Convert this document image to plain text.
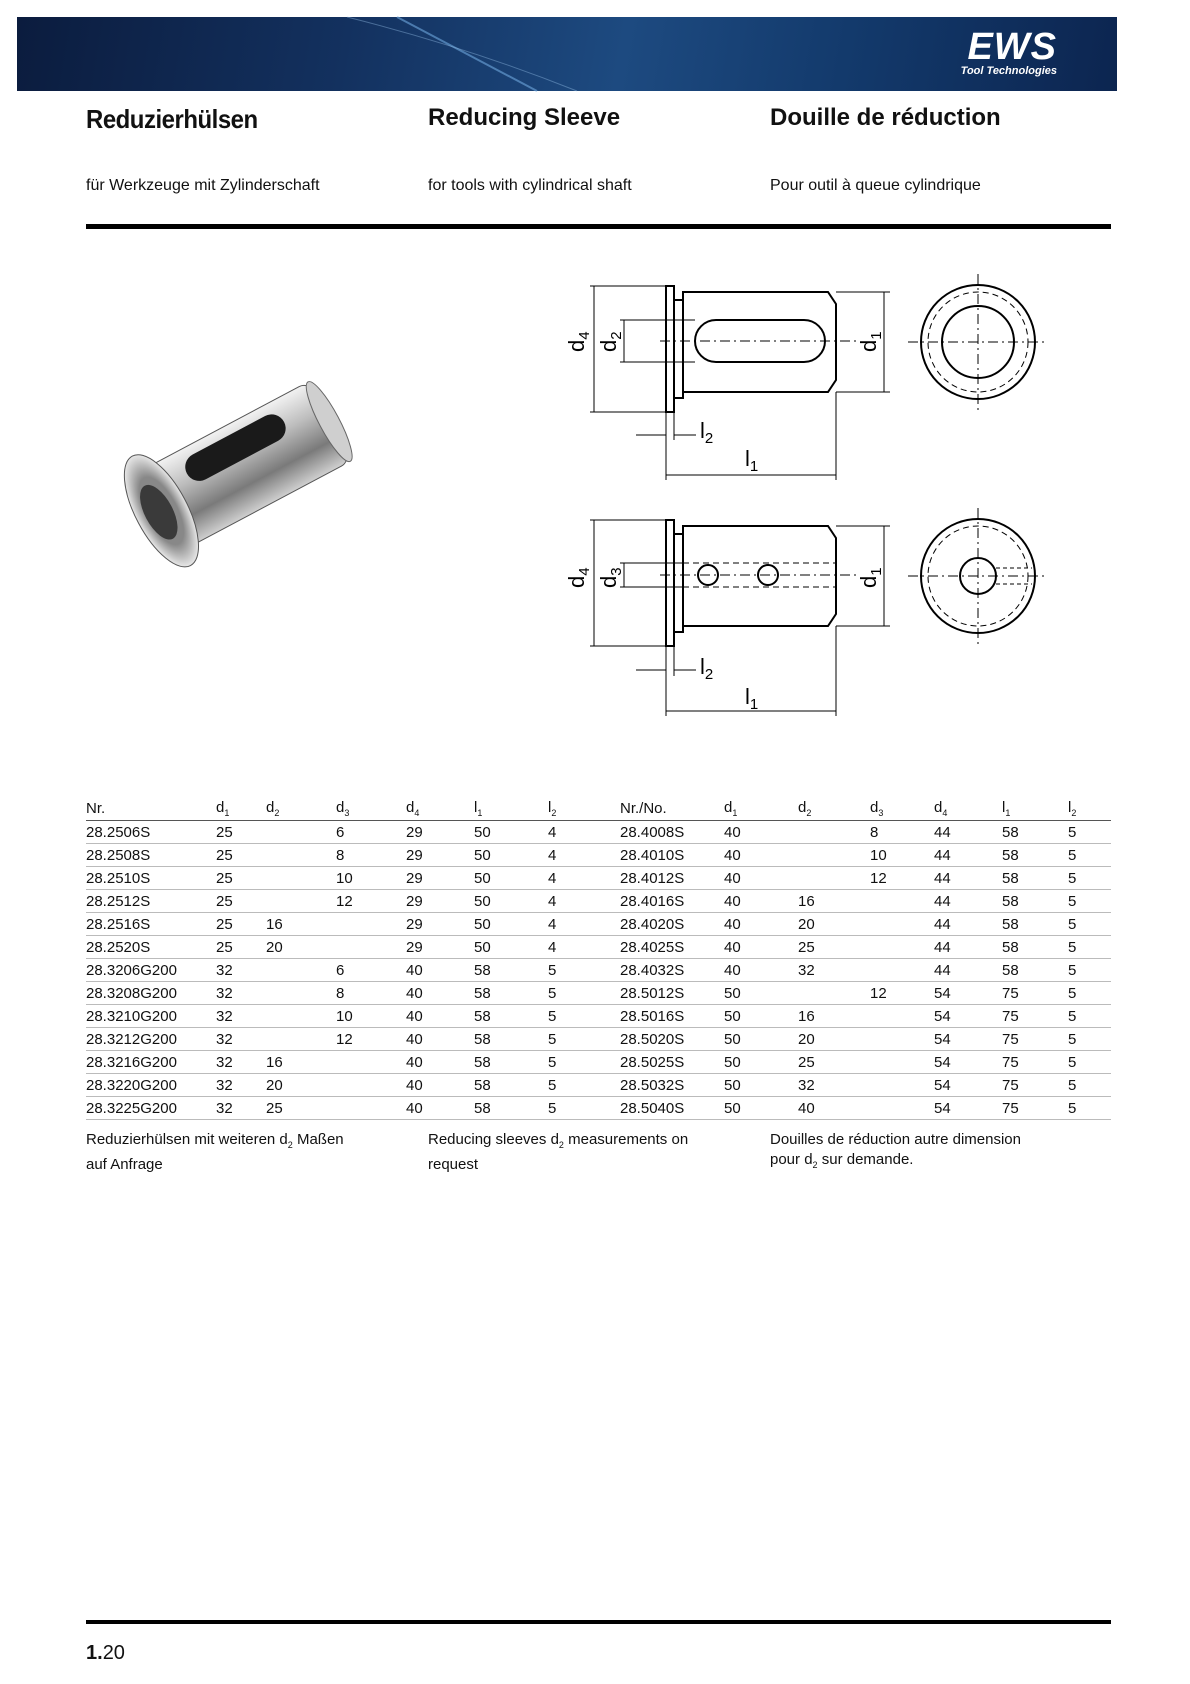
EWS
Tool Technologies
Reduzierhülsen	Reducing Sleeve	Douille de réduction
für Werkzeuge mit Zylinderschaft	for tools with cylindrical shaft	Pour outil à queue cylindrique
$d_4$
$d_2$
$d_1$
$l_2$
$l_1$
$d_4$
$d_3$
$d_1$
$l_2$
$l_1$
Nr.	$d_1$	$d_2$	$d_3$	$d_4$	$l_1$	$l_2$	Nr./No.	$d_1$	$d_2$	$d_3$	$d_4$	$l_1$	$l_2$
28.2506S	25		6	29	50	4	28.4008S	40		8	44	58	5
28.2508S	25		8	29	50	4	28.4010S	40		10	44	58	5
28.2510S	25		10	29	50	4	28.4012S	40		12	44	58	5
28.2512S	25		12	29	50	4	28.4016S	40	16		44	58	5
28.2516S	25	16		29	50	4	28.4020S	40	20		44	58	5
28.2520S	25	20		29	50	4	28.4025S	40	25		44	58	5
28.3206G200	32		6	40	58	5	28.4032S	40	32		44	58	5
28.3208G200	32		8	40	58	5	28.5012S	50		12	54	75	5
28.3210G200	32		10	40	58	5	28.5016S	50	16		54	75	5
28.3212G200	32		12	40	58	5	28.5020S	50	20		54	75	5
28.3216G200	32	16		40	58	5	28.5025S	50	25		54	75	5
28.3220G200	32	20		40	58	5	28.5032S	50	32		54	75	5
28.3225G200	32	25		40	58	5	28.5040S	50	40		54	75	5
Reduzierhülsen mit weiteren $d_2$ Maßen
auf Anfrage
Reducing sleeves $d_2$ measurements on
request
Douilles de réduction autre dimension
pour $d_2$ sur demande.
1.20
